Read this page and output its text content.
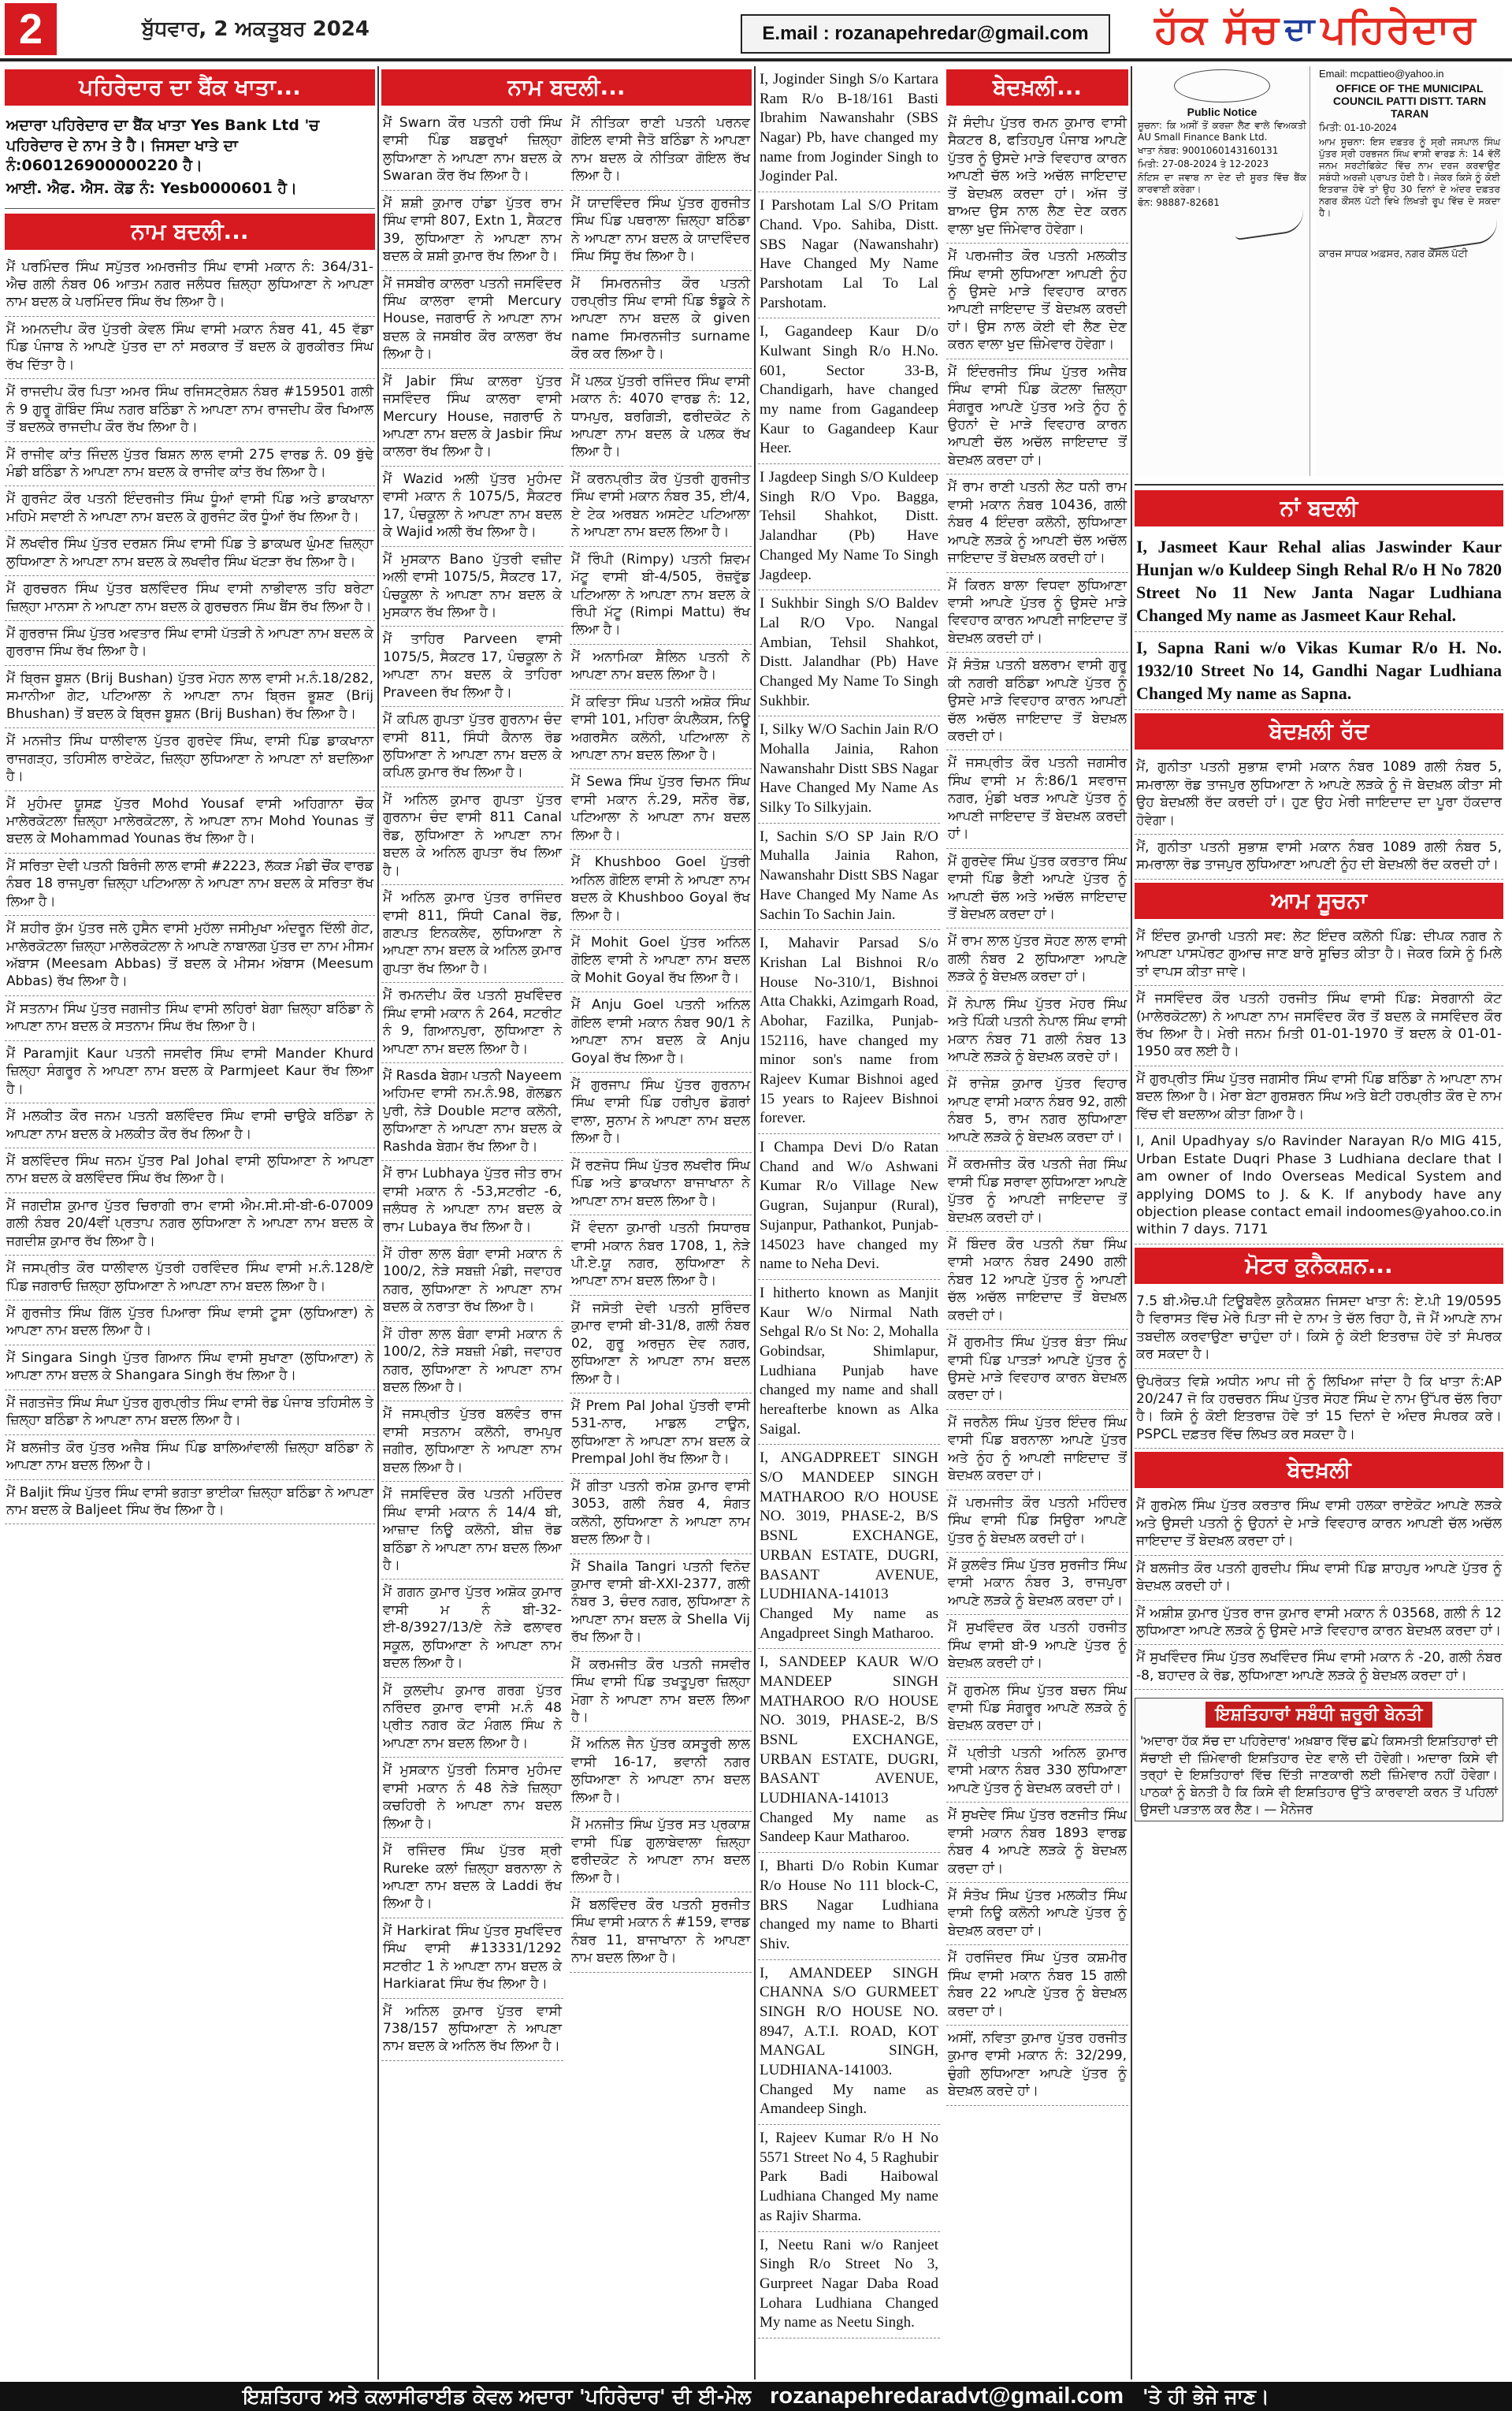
2	ਬੁੱਧਵਾਰ, 2 ਅਕਤੂਬਰ 2024	E.mail : rozanapehredar@gmail.com	ਹੱਕ ਸੱਚ ਦਾ ਪਹਿਰੇਦਾਰ
ਪਹਿਰੇਦਾਰ ਦਾ ਬੈਂਕ ਖਾਤਾ...

ਅਦਾਰਾ ਪਹਿਰੇਦਾਰ ਦਾ ਬੈਂਕ ਖਾਤਾ Yes Bank Ltd 'ਚ ਪਹਿਰੇਦਾਰ ਦੇ ਨਾਮ ਤੇ ਹੈ। ਜਿਸਦਾ ਖਾਤੇ ਦਾ ਨੰ:060126900000220 ਹੈ।

ਆਈ. ਐਫ. ਐਸ. ਕੋਡ ਨੰ: Yesb0000601 ਹੈ।

ਨਾਮ ਬਦਲੀ...
ਮੈਂ ਪਰਮਿੰਦਰ ਸਿੰਘ ਸਪੁੱਤਰ ਅਮਰਜੀਤ ਸਿੰਘ ਵਾਸੀ ਮਕਾਨ ਨੰ: 364/31- ਐਚ ਗਲੀ ਨੰਬਰ 06 ਆਤਮ ਨਗਰ ਜਲੰਧਰ ਜ਼ਿਲ੍ਹਾ ਲੁਧਿਆਣਾ ਨੇ ਆਪਣਾ ਨਾਮ ਬਦਲ ਕੇ ਪਰਮਿੰਦਰ ਸਿੰਘ ਰੱਖ ਲਿਆ ਹੈ।
ਮੈਂ ਅਮਨਦੀਪ ਕੌਰ ਪੁੱਤਰੀ ਕੇਵਲ ਸਿੰਘ ਵਾਸੀ ਮਕਾਨ ਨੰਬਰ 41, 45 ਵੱਡਾ ਪਿੰਡ ਪੰਜਾਬ ਨੇ ਆਪਣੇ ਪੁੱਤਰ ਦਾ ਨਾਂ ਸਰਕਾਰ ਤੋਂ ਬਦਲ ਕੇ ਗੁਰਕੀਰਤ ਸਿੰਘ ਰੱਖ ਦਿੱਤਾ ਹੈ।
ਮੈਂ ਰਾਜਦੀਪ ਕੌਰ ਪਿਤਾ ਅਮਰ ਸਿੰਘ ਰਜਿਸਟ੍ਰੇਸ਼ਨ ਨੰਬਰ #159501 ਗਲੀ ਨੰ 9 ਗੁਰੂ ਗੋਬਿੰਦ ਸਿੰਘ ਨਗਰ ਬਠਿੰਡਾ ਨੇ ਆਪਣਾ ਨਾਮ ਰਾਜਦੀਪ ਕੌਰ ਖਿਆਲ ਤੋਂ ਬਦਲਕੇ ਰਾਜਦੀਪ ਕੌਰ ਰੱਖ ਲਿਆ ਹੈ।
ਮੈਂ ਰਾਜੀਵ ਕਾਂਤ ਜਿੰਦਲ ਪੁੱਤਰ ਬਿਸ਼ਨ ਲਾਲ ਵਾਸੀ 275 ਵਾਰਡ ਨੰ. 09 ਬੁੱਢੇ ਮੰਡੀ ਬਠਿੰਡਾ ਨੇ ਆਪਣਾ ਨਾਮ ਬਦਲ ਕੇ ਰਾਜੀਵ ਕਾਂਤ ਰੱਖ ਲਿਆ ਹੈ।
ਮੈਂ ਗੁਰਜੰਟ ਕੌਰ ਪਤਨੀ ਇੰਦਰਜੀਤ ਸਿੰਘ ਧੂੰਆਂ ਵਾਸੀ ਪਿੰਡ ਅਤੇ ਡਾਕਖਾਨਾ ਮਹਿਮੇ ਸਵਾਈ ਨੇ ਆਪਣਾ ਨਾਮ ਬਦਲ ਕੇ ਗੁਰਜੰਟ ਕੌਰ ਧੂੰਆਂ ਰੱਖ ਲਿਆ ਹੈ।
ਮੈਂ ਲਖਵੀਰ ਸਿੰਘ ਪੁੱਤਰ ਦਰਸ਼ਨ ਸਿੰਘ ਵਾਸੀ ਪਿੰਡ ਤੇ ਡਾਕਘਰ ਘੁੰਮਣ ਜ਼ਿਲ੍ਹਾ ਲੁਧਿਆਣਾ ਨੇ ਆਪਣਾ ਨਾਮ ਬਦਲ ਕੇ ਲਖਵੀਰ ਸਿੰਘ ਖੱਟੜਾ ਰੱਖ ਲਿਆ ਹੈ।
ਮੈਂ ਗੁਰਚਰਨ ਸਿੰਘ ਪੁੱਤਰ ਬਲਵਿੰਦਰ ਸਿੰਘ ਵਾਸੀ ਨਾਭੀਵਾਲ ਤਹਿ ਬਰੇਟਾ ਜ਼ਿਲ੍ਹਾ ਮਾਨਸਾ ਨੇ ਆਪਣਾ ਨਾਮ ਬਦਲ ਕੇ ਗੁਰਚਰਨ ਸਿੰਘ ਬੈਂਸ ਰੱਖ ਲਿਆ ਹੈ।
ਮੈਂ ਗੁਰਰਾਜ ਸਿੰਘ ਪੁੱਤਰ ਅਵਤਾਰ ਸਿੰਘ ਵਾਸੀ ਪੱਤੜੀ ਨੇ ਆਪਣਾ ਨਾਮ ਬਦਲ ਕੇ ਗੁਰਰਾਜ ਸਿੰਘ ਰੱਖ ਲਿਆ ਹੈ।
ਮੈਂ ਬ੍ਰਿਜ ਬੂਸ਼ਨ (Brij Bushan) ਪੁੱਤਰ ਮੋਹਨ ਲਾਲ ਵਾਸੀ ਮ.ਨੰ.18/282, ਸਮਾਨੀਆ ਗੇਟ, ਪਟਿਆਲਾ ਨੇ ਆਪਣਾ ਨਾਮ ਬ੍ਰਿਜ ਭੂਸ਼ਣ (Brij Bhushan) ਤੋਂ ਬਦਲ ਕੇ ਬ੍ਰਿਜ ਬੂਸ਼ਨ (Brij Bushan) ਰੱਖ ਲਿਆ ਹੈ।
ਮੈਂ ਮਨਜੀਤ ਸਿੰਘ ਧਾਲੀਵਾਲ ਪੁੱਤਰ ਗੁਰਦੇਵ ਸਿੰਘ, ਵਾਸੀ ਪਿੰਡ ਡਾਕਖਾਨਾ ਰਾਜਗੜ੍ਹ, ਤਹਿਸੀਲ ਰਾਏਕੋਟ, ਜ਼ਿਲ੍ਹਾ ਲੁਧਿਆਣਾ ਨੇ ਆਪਣਾ ਨਾਂ ਬਦਲਿਆ ਹੈ।
ਮੈਂ ਮੁਹੰਮਦ ਯੂਸਫ਼ ਪੁੱਤਰ Mohd Yousaf ਵਾਸੀ ਅਹਿਗਾਨਾ ਚੌਕ ਮਾਲੇਰਕੋਟਲਾ ਜ਼ਿਲ੍ਹਾ ਮਾਲੇਰਕੋਟਲਾ, ਨੇ ਆਪਣਾ ਨਾਮ Mohd Younas ਤੋਂ ਬਦਲ ਕੇ Mohammad Younas ਰੱਖ ਲਿਆ ਹੈ।
ਮੈਂ ਸਰਿਤਾ ਦੇਵੀ ਪਤਨੀ ਬਿਰੰਜੀ ਲਾਲ ਵਾਸੀ #2223, ਲੱਕੜ ਮੰਡੀ ਚੌਂਕ ਵਾਰਡ ਨੰਬਰ 18 ਰਾਜਪੁਰਾ ਜ਼ਿਲ੍ਹਾ ਪਟਿਆਲਾ ਨੇ ਆਪਣਾ ਨਾਮ ਬਦਲ ਕੇ ਸਰਿਤਾ ਰੱਖ ਲਿਆ ਹੈ।
ਮੈਂ ਸ਼ਹੀਰ ਕੁੱਮ ਪੁੱਤਰ ਜਲੇ ਹੁਸੈਨ ਵਾਸੀ ਮੁਹੱਲਾ ਜਸੀਮੁਖਾ ਅੰਦਰੂਨ ਦਿੱਲੀ ਗੇਟ, ਮਾਲੇਰਕੋਟਲਾ ਜ਼ਿਲ੍ਹਾ ਮਾਲੇਰਕੋਟਲਾ ਨੇ ਆਪਣੇ ਨਾਬਾਲਗ ਪੁੱਤਰ ਦਾ ਨਾਮ ਮੀਸਮ ਅੱਬਾਸ (Meesam Abbas) ਤੋਂ ਬਦਲ ਕੇ ਮੀਸਮ ਅੱਬਾਸ (Meesum Abbas) ਰੱਖ ਲਿਆ ਹੈ।
ਮੈਂ ਸਤਨਾਮ ਸਿੰਘ ਪੁੱਤਰ ਜਗਜੀਤ ਸਿੰਘ ਵਾਸੀ ਲਹਿਰਾਂ ਬੇਗਾ ਜ਼ਿਲ੍ਹਾ ਬਠਿੰਡਾ ਨੇ ਆਪਣਾ ਨਾਮ ਬਦਲ ਕੇ ਸਤਨਾਮ ਸਿੰਘ ਰੱਖ ਲਿਆ ਹੈ।
ਮੈਂ Paramjit Kaur ਪਤਨੀ ਜਸਵੀਰ ਸਿੰਘ ਵਾਸੀ Mander Khurd ਜ਼ਿਲ੍ਹਾ ਸੰਗਰੂਰ ਨੇ ਆਪਣਾ ਨਾਮ ਬਦਲ ਕੇ Parmjeet Kaur ਰੱਖ ਲਿਆ ਹੈ।
ਮੈਂ ਮਲਕੀਤ ਕੌਰ ਜਨਮ ਪਤਨੀ ਬਲਵਿੰਦਰ ਸਿੰਘ ਵਾਸੀ ਚਾਉਕੇ ਬਠਿੰਡਾ ਨੇ ਆਪਣਾ ਨਾਮ ਬਦਲ ਕੇ ਮਲਕੀਤ ਕੌਰ ਰੱਖ ਲਿਆ ਹੈ।
ਮੈਂ ਬਲਵਿੰਦਰ ਸਿੰਘ ਜਨਮ ਪੁੱਤਰ Pal Johal ਵਾਸੀ ਲੁਧਿਆਣਾ ਨੇ ਆਪਣਾ ਨਾਮ ਬਦਲ ਕੇ ਬਲਵਿੰਦਰ ਸਿੰਘ ਰੱਖ ਲਿਆ ਹੈ।
ਮੈਂ ਜਗਦੀਸ਼ ਕੁਮਾਰ ਪੁੱਤਰ ਚਿਰਾਗੀ ਰਾਮ ਵਾਸੀ ਐਮ.ਸੀ.ਸੀ-ਬੀ-6-07009 ਗਲੀ ਨੰਬਰ 20/4ਵੀਂ ਪ੍ਰਤਾਪ ਨਗਰ ਲੁਧਿਆਣਾ ਨੇ ਆਪਣਾ ਨਾਮ ਬਦਲ ਕੇ ਜਗਦੀਸ਼ ਕੁਮਾਰ ਰੱਖ ਲਿਆ ਹੈ।
ਮੈਂ ਜਸਪ੍ਰੀਤ ਕੌਰ ਧਾਲੀਵਾਲ ਪੁੱਤਰੀ ਹਰਵਿੰਦਰ ਸਿੰਘ ਵਾਸੀ ਮ.ਨੰ.128/ਏ ਪਿੰਡ ਜਗਰਾਓ ਜ਼ਿਲ੍ਹਾ ਲੁਧਿਆਣਾ ਨੇ ਆਪਣਾ ਨਾਮ ਬਦਲ ਲਿਆ ਹੈ।
ਮੈਂ ਗੁਰਜੀਤ ਸਿੰਘ ਗਿੱਲ ਪੁੱਤਰ ਪਿਆਰਾ ਸਿੰਘ ਵਾਸੀ ਟੂਸਾ (ਲੁਧਿਆਣਾ) ਨੇ ਆਪਣਾ ਨਾਮ ਬਦਲ ਲਿਆ ਹੈ।
ਮੈਂ Singara Singh ਪੁੱਤਰ ਗਿਆਨ ਸਿੰਘ ਵਾਸੀ ਸੁਖਾਣਾ (ਲੁਧਿਆਣਾ) ਨੇ ਆਪਣਾ ਨਾਮ ਬਦਲ ਕੇ Shangara Singh ਰੱਖ ਲਿਆ ਹੈ।
ਮੈਂ ਜਗਤਜੋਤ ਸਿੰਘ ਸੰਘਾ ਪੁੱਤਰ ਗੁਰਪ੍ਰੀਤ ਸਿੰਘ ਵਾਸੀ ਰੋਡ ਪੰਜਾਬ ਤਹਿਸੀਲ ਤੇ ਜ਼ਿਲ੍ਹਾ ਬਠਿੰਡਾ ਨੇ ਆਪਣਾ ਨਾਮ ਬਦਲ ਲਿਆ ਹੈ।
ਮੈਂ ਬਲਜੀਤ ਕੌਰ ਪੁੱਤਰ ਅਜੈਬ ਸਿੰਘ ਪਿੰਡ ਬਾਲਿਆਂਵਾਲੀ ਜ਼ਿਲ੍ਹਾ ਬਠਿੰਡਾ ਨੇ ਆਪਣਾ ਨਾਮ ਬਦਲ ਲਿਆ ਹੈ।
ਮੈਂ Baljit ਸਿੰਘ ਪੁੱਤਰ ਸਿੰਘ ਵਾਸੀ ਭਗਤਾ ਭਾਈਕਾ ਜ਼ਿਲ੍ਹਾ ਬਠਿੰਡਾ ਨੇ ਆਪਣਾ ਨਾਮ ਬਦਲ ਕੇ Baljeet ਸਿੰਘ ਰੱਖ ਲਿਆ ਹੈ।
ਨਾਮ ਬਦਲੀ...
ਮੈਂ Swarn ਕੌਰ ਪਤਨੀ ਹਰੀ ਸਿੰਘ ਵਾਸੀ ਪਿੰਡ ਬਡਰੁਖਾਂ ਜ਼ਿਲ੍ਹਾ ਲੁਧਿਆਣਾ ਨੇ ਆਪਣਾ ਨਾਮ ਬਦਲ ਕੇ Swaran ਕੌਰ ਰੱਖ ਲਿਆ ਹੈ।
ਮੈਂ ਸ਼ਸ਼ੀ ਕੁਮਾਰ ਹਾਂਡਾ ਪੁੱਤਰ ਰਾਮ ਸਿੰਘ ਵਾਸੀ 807, Extn 1, ਸੈਕਟਰ 39, ਲੁਧਿਆਣਾ ਨੇ ਆਪਣਾ ਨਾਮ ਬਦਲ ਕੇ ਸ਼ਸ਼ੀ ਕੁਮਾਰ ਰੱਖ ਲਿਆ ਹੈ।
ਮੈਂ ਜਸਬੀਰ ਕਾਲਰਾ ਪਤਨੀ ਜਸਵਿੰਦਰ ਸਿੰਘ ਕਾਲਰਾ ਵਾਸੀ Mercury House, ਜਗਰਾਓ ਨੇ ਆਪਣਾ ਨਾਮ ਬਦਲ ਕੇ ਜਸਬੀਰ ਕੌਰ ਕਾਲਰਾ ਰੱਖ ਲਿਆ ਹੈ।
ਮੈਂ Jabir ਸਿੰਘ ਕਾਲਰਾ ਪੁੱਤਰ ਜਸਵਿੰਦਰ ਸਿੰਘ ਕਾਲਰਾ ਵਾਸੀ Mercury House, ਜਗਰਾਓ ਨੇ ਆਪਣਾ ਨਾਮ ਬਦਲ ਕੇ Jasbir ਸਿੰਘ ਕਾਲਰਾ ਰੱਖ ਲਿਆ ਹੈ।
ਮੈਂ Wazid ਅਲੀ ਪੁੱਤਰ ਮੁਹੰਮਦ ਵਾਸੀ ਮਕਾਨ ਨੰ 1075/5, ਸੈਕਟਰ 17, ਪੰਚਕੂਲਾ ਨੇ ਆਪਣਾ ਨਾਮ ਬਦਲ ਕੇ Wajid ਅਲੀ ਰੱਖ ਲਿਆ ਹੈ।
ਮੈਂ ਮੁਸਕਾਨ Bano ਪੁੱਤਰੀ ਵਜ਼ੀਦ ਅਲੀ ਵਾਸੀ 1075/5, ਸੈਕਟਰ 17, ਪੰਚਕੂਲਾ ਨੇ ਆਪਣਾ ਨਾਮ ਬਦਲ ਕੇ ਮੁਸਕਾਨ ਰੱਖ ਲਿਆ ਹੈ।
ਮੈਂ ਤਾਹਿਰ Parveen ਵਾਸੀ 1075/5, ਸੈਕਟਰ 17, ਪੰਚਕੂਲਾ ਨੇ ਆਪਣਾ ਨਾਮ ਬਦਲ ਕੇ ਤਾਹਿਰਾ Praveen ਰੱਖ ਲਿਆ ਹੈ।
ਮੈਂ ਕਪਿਲ ਗੁਪਤਾ ਪੁੱਤਰ ਗੁਰਨਾਮ ਚੰਦ ਵਾਸੀ 811, ਸਿੰਧੀ ਕੈਨਾਲ ਰੋਡ ਲੁਧਿਆਣਾ ਨੇ ਆਪਣਾ ਨਾਮ ਬਦਲ ਕੇ ਕਪਿਲ ਕੁਮਾਰ ਰੱਖ ਲਿਆ ਹੈ।
ਮੈਂ ਅਨਿਲ ਕੁਮਾਰ ਗੁਪਤਾ ਪੁੱਤਰ ਗੁਰਨਾਮ ਚੰਦ ਵਾਸੀ 811 Canal ਰੋਡ, ਲੁਧਿਆਣਾ ਨੇ ਆਪਣਾ ਨਾਮ ਬਦਲ ਕੇ ਅਨਿਲ ਗੁਪਤਾ ਰੱਖ ਲਿਆ ਹੈ।
ਮੈਂ ਅਨਿਲ ਕੁਮਾਰ ਪੁੱਤਰ ਰਾਜਿੰਦਰ ਵਾਸੀ 811, ਸਿੰਧੀ Canal ਰੋਡ, ਗਣਪਤ ਇਨਕਲੇਵ, ਲੁਧਿਆਣਾ ਨੇ ਆਪਣਾ ਨਾਮ ਬਦਲ ਕੇ ਅਨਿਲ ਕੁਮਾਰ ਗੁਪਤਾ ਰੱਖ ਲਿਆ ਹੈ।
ਮੈਂ ਰਮਨਦੀਪ ਕੌਰ ਪਤਨੀ ਸੁਖਵਿੰਦਰ ਸਿੰਘ ਵਾਸੀ ਮਕਾਨ ਨੰ 264, ਸਟਰੀਟ ਨੰ 9, ਗਿਆਨਪੁਰਾ, ਲੁਧਿਆਣਾ ਨੇ ਆਪਣਾ ਨਾਮ ਬਦਲ ਲਿਆ ਹੈ।
ਮੈਂ Rasda ਬੇਗਮ ਪਤਨੀ Nayeem ਅਹਿਮਦ ਵਾਸੀ ਨਮ.ਨੰ.98, ਗੋਲਡਨ ਪੁਰੀ, ਨੇੜੇ Double ਸਟਾਰ ਕਲੋਨੀ, ਲੁਧਿਆਣਾ ਨੇ ਆਪਣਾ ਨਾਮ ਬਦਲ ਕੇ Rashda ਬੇਗਮ ਰੱਖ ਲਿਆ ਹੈ।
ਮੈਂ ਰਾਮ Lubhaya ਪੁੱਤਰ ਜੀਤ ਰਾਮ ਵਾਸੀ ਮਕਾਨ ਨੰ -53,ਸਟਰੀਟ -6, ਜਲੰਧਰ ਨੇ ਆਪਣਾ ਨਾਮ ਬਦਲ ਕੇ ਰਾਮ Lubaya ਰੱਖ ਲਿਆ ਹੈ।
ਮੈਂ ਹੀਰਾ ਲਾਲ ਬੰਗਾ ਵਾਸੀ ਮਕਾਨ ਨੰ 100/2, ਨੇੜੇ ਸਬਜ਼ੀ ਮੰਡੀ, ਜਵਾਹਰ ਨਗਰ, ਲੁਧਿਆਣਾ ਨੇ ਆਪਣਾ ਨਾਮ ਬਦਲ ਕੇ ਨਰਾਤਾ ਰੱਖ ਲਿਆ ਹੈ।
ਮੈਂ ਹੀਰਾ ਲਾਲ ਬੰਗਾ ਵਾਸੀ ਮਕਾਨ ਨੰ 100/2, ਨੇੜੇ ਸਬਜ਼ੀ ਮੰਡੀ, ਜਵਾਹਰ ਨਗਰ, ਲੁਧਿਆਣਾ ਨੇ ਆਪਣਾ ਨਾਮ ਬਦਲ ਲਿਆ ਹੈ।
ਮੈਂ ਜਸਪ੍ਰੀਤ ਪੁੱਤਰ ਬਲਵੰਤ ਰਾਜ ਵਾਸੀ ਸਤਨਾਮ ਕਲੋਨੀ, ਰਾਮਪੁਰ ਜਗੀਰ, ਲੁਧਿਆਣਾ ਨੇ ਆਪਣਾ ਨਾਮ ਬਦਲ ਲਿਆ ਹੈ।
ਮੈਂ ਜਸਵਿੰਦਰ ਕੌਰ ਪਤਨੀ ਮਹਿੰਦਰ ਸਿੰਘ ਵਾਸੀ ਮਕਾਨ ਨੰ 14/4 ਬੀ, ਆਜ਼ਾਦ ਨਿਊ ਕਲੋਨੀ, ਬੀਜ਼ ਰੋਡ ਬਠਿੰਡਾ ਨੇ ਆਪਣਾ ਨਾਮ ਬਦਲ ਲਿਆ ਹੈ।
ਮੈਂ ਗਗਨ ਕੁਮਾਰ ਪੁੱਤਰ ਅਸ਼ੋਕ ਕੁਮਾਰ ਵਾਸੀ ਮ ਨੰ ਬੀ-32-ਈ-8/3927/13/ਏ ਨੇੜੇ ਫਲਾਵਰ ਸਕੂਲ, ਲੁਧਿਆਣਾ ਨੇ ਆਪਣਾ ਨਾਮ ਬਦਲ ਲਿਆ ਹੈ।
ਮੈਂ ਕੁਲਦੀਪ ਕੁਮਾਰ ਗਰਗ ਪੁੱਤਰ ਨਰਿੰਦਰ ਕੁਮਾਰ ਵਾਸੀ ਮ.ਨੰ 48 ਪ੍ਰੀਤ ਨਗਰ ਕੋਟ ਮੰਗਲ ਸਿੰਘ ਨੇ ਆਪਣਾ ਨਾਮ ਬਦਲ ਲਿਆ ਹੈ।
ਮੈਂ ਮੁਸਕਾਨ ਪੁੱਤਰੀ ਨਿਸਾਰ ਮੁਹੰਮਦ ਵਾਸੀ ਮਕਾਨ ਨੰ 48 ਨੇੜੇ ਜ਼ਿਲ੍ਹਾ ਕਚਹਿਰੀ ਨੇ ਆਪਣਾ ਨਾਮ ਬਦਲ ਲਿਆ ਹੈ।
ਮੈਂ ਰਜਿੰਦਰ ਸਿੰਘ ਪੁੱਤਰ ਸ਼੍ਰੀ Rureke ਕਲਾਂ ਜ਼ਿਲ੍ਹਾ ਬਰਨਾਲਾ ਨੇ ਆਪਣਾ ਨਾਮ ਬਦਲ ਕੇ Laddi ਰੱਖ ਲਿਆ ਹੈ।
ਮੈਂ Harkirat ਸਿੰਘ ਪੁੱਤਰ ਸੁਖਵਿੰਦਰ ਸਿੰਘ ਵਾਸੀ #13331/1292 ਸਟਰੀਟ 1 ਨੇ ਆਪਣਾ ਨਾਮ ਬਦਲ ਕੇ Harkiarat ਸਿੰਘ ਰੱਖ ਲਿਆ ਹੈ।
ਮੈਂ ਅਨਿਲ ਕੁਮਾਰ ਪੁੱਤਰ ਵਾਸੀ 738/157 ਲੁਧਿਆਣਾ ਨੇ ਆਪਣਾ ਨਾਮ ਬਦਲ ਕੇ ਅਨਿਲ ਰੱਖ ਲਿਆ ਹੈ।
ਮੈਂ ਨੀਤਿਕਾ ਰਾਣੀ ਪਤਨੀ ਪਰਨਵ ਗੋਇਲ ਵਾਸੀ ਜੈਤੋ ਬਠਿੰਡਾ ਨੇ ਆਪਣਾ ਨਾਮ ਬਦਲ ਕੇ ਨੀਤਿਕਾ ਗੋਇਲ ਰੱਖ ਲਿਆ ਹੈ।
ਮੈਂ ਯਾਦਵਿੰਦਰ ਸਿੰਘ ਪੁੱਤਰ ਗੁਰਜੀਤ ਸਿੰਘ ਪਿੰਡ ਪਥਰਾਲਾ ਜ਼ਿਲ੍ਹਾ ਬਠਿੰਡਾ ਨੇ ਆਪਣਾ ਨਾਮ ਬਦਲ ਕੇ ਯਾਦਵਿੰਦਰ ਸਿੰਘ ਸਿੱਧੂ ਰੱਖ ਲਿਆ ਹੈ।
ਮੈਂ ਸਿਮਰਨਜੀਤ ਕੌਰ ਪਤਨੀ ਹਰਪ੍ਰੀਤ ਸਿੰਘ ਵਾਸੀ ਪਿੰਡ ਝੰਡੂਕੇ ਨੇ ਆਪਣਾ ਨਾਮ ਬਦਲ ਕੇ given name ਸਿਮਰਨਜੀਤ surname ਕੌਰ ਕਰ ਲਿਆ ਹੈ।
ਮੈਂ ਪਲਕ ਪੁੱਤਰੀ ਰਜਿੰਦਰ ਸਿੰਘ ਵਾਸੀ ਮਕਾਨ ਨੰ: 4070 ਵਾਰਡ ਨੰ: 12, ਧਾਮਪੁਰ, ਬਰਗਿੜੀ, ਫਰੀਦਕੋਟ ਨੇ ਆਪਣਾ ਨਾਮ ਬਦਲ ਕੇ ਪਲਕ ਰੱਖ ਲਿਆ ਹੈ।
ਮੈਂ ਕਰਨਪ੍ਰੀਤ ਕੌਰ ਪੁੱਤਰੀ ਗੁਰਜੀਤ ਸਿੰਘ ਵਾਸੀ ਮਕਾਨ ਨੰਬਰ 35, ਈ/4, ਏ ਟੇਕ ਅਰਬਨ ਅਸਟੇਟ ਪਟਿਆਲਾ ਨੇ ਆਪਣਾ ਨਾਮ ਬਦਲ ਲਿਆ ਹੈ।
ਮੈਂ ਰਿੰਪੀ (Rimpy) ਪਤਨੀ ਸ਼ਿਵਮ ਮੱਟੂ ਵਾਸੀ ਬੀ-4/505, ਰੋਜ਼ਵੁੱਡ ਪਟਿਆਲਾ ਨੇ ਆਪਣਾ ਨਾਮ ਬਦਲ ਕੇ ਰਿੰਪੀ ਮੱਟੂ (Rimpi Mattu) ਰੱਖ ਲਿਆ ਹੈ।
ਮੈਂ ਅਨਾਮਿਕਾ ਸ਼ੈਲਿਨ ਪਤਨੀ ਨੇ ਆਪਣਾ ਨਾਮ ਬਦਲ ਲਿਆ ਹੈ।
ਮੈਂ ਕਵਿਤਾ ਸਿੰਘ ਪਤਨੀ ਅਸ਼ੋਕ ਸਿੰਘ ਵਾਸੀ 101, ਮਹਿਰਾ ਕੰਪਲੈਕਸ, ਨਿਊ ਅਗਰਸੈਨ ਕਲੋਨੀ, ਪਟਿਆਲਾ ਨੇ ਆਪਣਾ ਨਾਮ ਬਦਲ ਲਿਆ ਹੈ।
ਮੈਂ Sewa ਸਿੰਘ ਪੁੱਤਰ ਚਿਮਨ ਸਿੰਘ ਵਾਸੀ ਮਕਾਨ ਨੰ.29, ਸਨੌਰ ਰੋਡ, ਪਟਿਆਲਾ ਨੇ ਆਪਣਾ ਨਾਮ ਬਦਲ ਲਿਆ ਹੈ।
ਮੈਂ Khushboo Goel ਪੁੱਤਰੀ ਅਨਿਲ ਗੋਇਲ ਵਾਸੀ ਨੇ ਆਪਣਾ ਨਾਮ ਬਦਲ ਕੇ Khushboo Goyal ਰੱਖ ਲਿਆ ਹੈ।
ਮੈਂ Mohit Goel ਪੁੱਤਰ ਅਨਿਲ ਗੋਇਲ ਵਾਸੀ ਨੇ ਆਪਣਾ ਨਾਮ ਬਦਲ ਕੇ Mohit Goyal ਰੱਖ ਲਿਆ ਹੈ।
ਮੈਂ Anju Goel ਪਤਨੀ ਅਨਿਲ ਗੋਇਲ ਵਾਸੀ ਮਕਾਨ ਨੰਬਰ 90/1 ਨੇ ਆਪਣਾ ਨਾਮ ਬਦਲ ਕੇ Anju Goyal ਰੱਖ ਲਿਆ ਹੈ।
ਮੈਂ ਗੁਰਜਾਪ ਸਿੰਘ ਪੁੱਤਰ ਗੁਰਨਾਮ ਸਿੰਘ ਵਾਸੀ ਪਿੰਡ ਹਰੀਪੁਰ ਡੋਗਰਾਂ ਵਾਲਾ, ਸੁਨਾਮ ਨੇ ਆਪਣਾ ਨਾਮ ਬਦਲ ਲਿਆ ਹੈ।
ਮੈਂ ਰਣਜੋਧ ਸਿੰਘ ਪੁੱਤਰ ਲਖਵੀਰ ਸਿੰਘ ਪਿੰਡ ਅਤੇ ਡਾਕਖਾਨਾ ਬਾਜਾਖਾਨਾ ਨੇ ਆਪਣਾ ਨਾਮ ਬਦਲ ਲਿਆ ਹੈ।
ਮੈਂ ਵੰਦਨਾ ਕੁਮਾਰੀ ਪਤਨੀ ਸਿਧਾਰਥ ਵਾਸੀ ਮਕਾਨ ਨੰਬਰ 1708, 1, ਨੇੜੇ ਪੀ.ਏ.ਯੂ ਨਗਰ, ਲੁਧਿਆਣਾ ਨੇ ਆਪਣਾ ਨਾਮ ਬਦਲ ਲਿਆ ਹੈ।
ਮੈਂ ਜਸੋਤੀ ਦੇਵੀ ਪਤਨੀ ਸੁਰਿੰਦਰ ਕੁਮਾਰ ਵਾਸੀ ਬੀ-31/8, ਗਲੀ ਨੰਬਰ 02, ਗੁਰੂ ਅਰਜੁਨ ਦੇਵ ਨਗਰ, ਲੁਧਿਆਣਾ ਨੇ ਆਪਣਾ ਨਾਮ ਬਦਲ ਲਿਆ ਹੈ।
ਮੈਂ Prem Pal Johal ਪੁੱਤਰੀ ਵਾਸੀ 531-ਨਾਰ, ਮਾਡਲ ਟਾਊਨ, ਲੁਧਿਆਣਾ ਨੇ ਆਪਣਾ ਨਾਮ ਬਦਲ ਕੇ Prempal Johl ਰੱਖ ਲਿਆ ਹੈ।
ਮੈਂ ਗੀਤਾ ਪਤਨੀ ਰਮੇਸ਼ ਕੁਮਾਰ ਵਾਸੀ 3053, ਗਲੀ ਨੰਬਰ 4, ਸੰਗਤ ਕਲੋਨੀ, ਲੁਧਿਆਣਾ ਨੇ ਆਪਣਾ ਨਾਮ ਬਦਲ ਲਿਆ ਹੈ।
ਮੈਂ Shaila Tangri ਪਤਨੀ ਵਿਨੋਦ ਕੁਮਾਰ ਵਾਸੀ ਬੀ-XXI-2377, ਗਲੀ ਨੰਬਰ 3, ਚੰਦਰ ਨਗਰ, ਲੁਧਿਆਣਾ ਨੇ ਆਪਣਾ ਨਾਮ ਬਦਲ ਕੇ Shella Vij ਰੱਖ ਲਿਆ ਹੈ।
ਮੈਂ ਕਰਮਜੀਤ ਕੌਰ ਪਤਨੀ ਜਸਵੀਰ ਸਿੰਘ ਵਾਸੀ ਪਿੰਡ ਤਖਤੂਪੁਰਾ ਜ਼ਿਲ੍ਹਾ ਮੋਗਾ ਨੇ ਆਪਣਾ ਨਾਮ ਬਦਲ ਲਿਆ ਹੈ।
ਮੈਂ ਅਨਿਲ ਜੈਨ ਪੁੱਤਰ ਕਸਤੂਰੀ ਲਾਲ ਵਾਸੀ 16-17, ਭਵਾਨੀ ਨਗਰ ਲੁਧਿਆਣਾ ਨੇ ਆਪਣਾ ਨਾਮ ਬਦਲ ਲਿਆ ਹੈ।
ਮੈਂ ਮਨਜੀਤ ਸਿੰਘ ਪੁੱਤਰ ਸਤ ਪ੍ਰਕਾਸ਼ ਵਾਸੀ ਪਿੰਡ ਗੁਲਾਬੇਵਾਲਾ ਜ਼ਿਲ੍ਹਾ ਫਰੀਦਕੋਟ ਨੇ ਆਪਣਾ ਨਾਮ ਬਦਲ ਲਿਆ ਹੈ।
ਮੈਂ ਬਲਵਿੰਦਰ ਕੌਰ ਪਤਨੀ ਸੁਰਜੀਤ ਸਿੰਘ ਵਾਸੀ ਮਕਾਨ ਨੰ #159, ਵਾਰਡ ਨੰਬਰ 11, ਬਾਜਾਖਾਨਾ ਨੇ ਆਪਣਾ ਨਾਮ ਬਦਲ ਲਿਆ ਹੈ।
I, Joginder Singh S/o Kartara Ram R/o B-18/161 Basti Ibrahim Nawanshahr (SBS Nagar) Pb, have changed my name from Joginder Singh to Joginder Pal.
I Parshotam Lal S/O Pritam Chand. Vpo. Sahiba, Distt. SBS Nagar (Nawanshahr) Have Changed My Name Parshotam Lal To Lal Parshotam.
I, Gagandeep Kaur D/o Kulwant Singh R/o H.No. 601, Sector 33-B, Chandigarh, have changed my name from Gagandeep Kaur to Gagandeep Kaur Heer.
I Jagdeep Singh S/O Kuldeep Singh R/O Vpo. Bagga, Tehsil Shahkot, Distt. Jalandhar (Pb) Have Changed My Name To Singh Jagdeep.
I Sukhbir Singh S/O Baldev Lal R/O Vpo. Nangal Ambian, Tehsil Shahkot, Distt. Jalandhar (Pb) Have Changed My Name To Singh Sukhbir.
I, Silky W/O Sachin Jain R/O Mohalla Jainia, Rahon Nawanshahr Distt SBS Nagar Have Changed My Name As Silky To Silkyjain.
I, Sachin S/O SP Jain R/O Muhalla Jainia Rahon, Nawanshahr Distt SBS Nagar Have Changed My Name As Sachin To Sachin Jain.
I, Mahavir Parsad S/o Krishan Lal Bishnoi R/o House No-310/1, Bishnoi Atta Chakki, Azimgarh Road, Abohar, Fazilka, Punjab-152116, have changed my minor son's name from Rajeev Kumar Bishnoi aged 15 years to Rajeev Bishnoi forever.
I Champa Devi D/o Ratan Chand and W/o Ashwani Kumar R/o Village New Gugran, Sujanpur (Rural), Sujanpur, Pathankot, Punjab-145023 have changed my name to Neha Devi.
I hitherto known as Manjit Kaur W/o Nirmal Nath Sehgal R/o St No: 2, Mohalla Gobindsar, Shimlapur, Ludhiana Punjab have changed my name and shall hereafterbe known as Alka Saigal.
I, ANGADPREET SINGH S/O MANDEEP SINGH MATHAROO R/O HOUSE NO. 3019, PHASE-2, B/S BSNL EXCHANGE, URBAN ESTATE, DUGRI, BASANT AVENUE, LUDHIANA-141013 Changed My name as Angadpreet Singh Matharoo.
I, SANDEEP KAUR W/O MANDEEP SINGH MATHAROO R/O HOUSE NO. 3019, PHASE-2, B/S BSNL EXCHANGE, URBAN ESTATE, DUGRI, BASANT AVENUE, LUDHIANA-141013 Changed My name as Sandeep Kaur Matharoo.
I, Bharti D/o Robin Kumar R/o House No 111 block-C, BRS Nagar Ludhiana changed my name to Bharti Shiv.
I, AMANDEEP SINGH CHANNA S/O GURMEET SINGH R/O HOUSE NO. 8947, A.T.I. ROAD, KOT MANGAL SINGH, LUDHIANA-141003. Changed My name as Amandeep Singh.
I, Rajeev Kumar R/o H No 5571 Street No 4, 5 Raghubir Park Badi Haibowal Ludhiana Changed My name as Rajiv Sharma.
I, Neetu Rani w/o Ranjeet Singh R/o Street No 3, Gurpreet Nagar Daba Road Lohara Ludhiana Changed My name as Neetu Singh.
ਬੇਦਖ਼ਲੀ...
ਮੈਂ ਸੰਦੀਪ ਪੁੱਤਰ ਰਮਨ ਕੁਮਾਰ ਵਾਸੀ ਸੈਕਟਰ 8, ਫਤਿਹਪੁਰ ਪੰਜਾਬ ਆਪਣੇ ਪੁੱਤਰ ਨੂੰ ਉਸਦੇ ਮਾੜੇ ਵਿਵਹਾਰ ਕਾਰਨ ਆਪਣੀ ਚੱਲ ਅਤੇ ਅਚੱਲ ਜਾਇਦਾਦ ਤੋਂ ਬੇਦਖ਼ਲ ਕਰਦਾ ਹਾਂ। ਅੱਜ ਤੋਂ ਬਾਅਦ ਉਸ ਨਾਲ ਲੈਣ ਦੇਣ ਕਰਨ ਵਾਲਾ ਖੁਦ ਜਿੰਮੇਵਾਰ ਹੋਵੇਗਾ।
ਮੈਂ ਪਰਮਜੀਤ ਕੌਰ ਪਤਨੀ ਮਲਕੀਤ ਸਿੰਘ ਵਾਸੀ ਲੁਧਿਆਣਾ ਆਪਣੀ ਨੂੰਹ ਨੂੰ ਉਸਦੇ ਮਾੜੇ ਵਿਵਹਾਰ ਕਾਰਨ ਆਪਣੀ ਜਾਇਦਾਦ ਤੋਂ ਬੇਦਖ਼ਲ ਕਰਦੀ ਹਾਂ। ਉਸ ਨਾਲ ਕੋਈ ਵੀ ਲੈਣ ਦੇਣ ਕਰਨ ਵਾਲਾ ਖੁਦ ਜ਼ਿੰਮੇਵਾਰ ਹੋਵੇਗਾ।
ਮੈਂ ਇੰਦਰਜੀਤ ਸਿੰਘ ਪੁੱਤਰ ਅਜੈਬ ਸਿੰਘ ਵਾਸੀ ਪਿੰਡ ਕੋਟਲਾ ਜ਼ਿਲ੍ਹਾ ਸੰਗਰੂਰ ਆਪਣੇ ਪੁੱਤਰ ਅਤੇ ਨੂੰਹ ਨੂੰ ਉਹਨਾਂ ਦੇ ਮਾੜੇ ਵਿਵਹਾਰ ਕਾਰਨ ਆਪਣੀ ਚੱਲ ਅਚੱਲ ਜਾਇਦਾਦ ਤੋਂ ਬੇਦਖ਼ਲ ਕਰਦਾ ਹਾਂ।
ਮੈਂ ਰਾਮ ਰਾਣੀ ਪਤਨੀ ਲੇਟ ਧਨੀ ਰਾਮ ਵਾਸੀ ਮਕਾਨ ਨੰਬਰ 10436, ਗਲੀ ਨੰਬਰ 4 ਇੰਦਰਾ ਕਲੋਨੀ, ਲੁਧਿਆਣਾ ਆਪਣੇ ਲੜਕੇ ਨੂੰ ਆਪਣੀ ਚੱਲ ਅਚੱਲ ਜਾਇਦਾਦ ਤੋਂ ਬੇਦਖ਼ਲ ਕਰਦੀ ਹਾਂ।
ਮੈਂ ਕਿਰਨ ਬਾਲਾ ਵਿਧਵਾ ਲੁਧਿਆਣਾ ਵਾਸੀ ਆਪਣੇ ਪੁੱਤਰ ਨੂੰ ਉਸਦੇ ਮਾੜੇ ਵਿਵਹਾਰ ਕਾਰਨ ਆਪਣੀ ਜਾਇਦਾਦ ਤੋਂ ਬੇਦਖ਼ਲ ਕਰਦੀ ਹਾਂ।
ਮੈਂ ਸੰਤੋਸ਼ ਪਤਨੀ ਬਲਰਾਮ ਵਾਸੀ ਗੁਰੂ ਕੀ ਨਗਰੀ ਬਠਿੰਡਾ ਆਪਣੇ ਪੁੱਤਰ ਨੂੰ ਉਸਦੇ ਮਾੜੇ ਵਿਵਹਾਰ ਕਾਰਨ ਆਪਣੀ ਚੱਲ ਅਚੱਲ ਜਾਇਦਾਦ ਤੋਂ ਬੇਦਖ਼ਲ ਕਰਦੀ ਹਾਂ।
ਮੈਂ ਜਸਪ੍ਰੀਤ ਕੌਰ ਪਤਨੀ ਜਗਸੀਰ ਸਿੰਘ ਵਾਸੀ ਮ ਨੰ:86/1 ਸਵਰਾਜ ਨਗਰ, ਮੁੰਡੀ ਖਰੜ ਆਪਣੇ ਪੁੱਤਰ ਨੂੰ ਆਪਣੀ ਜਾਇਦਾਦ ਤੋਂ ਬੇਦਖ਼ਲ ਕਰਦੀ ਹਾਂ।
ਮੈਂ ਗੁਰਦੇਵ ਸਿੰਘ ਪੁੱਤਰ ਕਰਤਾਰ ਸਿੰਘ ਵਾਸੀ ਪਿੰਡ ਭੈਣੀ ਆਪਣੇ ਪੁੱਤਰ ਨੂੰ ਆਪਣੀ ਚੱਲ ਅਤੇ ਅਚੱਲ ਜਾਇਦਾਦ ਤੋਂ ਬੇਦਖ਼ਲ ਕਰਦਾ ਹਾਂ।
ਮੈਂ ਰਾਮ ਲਾਲ ਪੁੱਤਰ ਸੋਹਣ ਲਾਲ ਵਾਸੀ ਗਲੀ ਨੰਬਰ 2 ਲੁਧਿਆਣਾ ਆਪਣੇ ਲੜਕੇ ਨੂੰ ਬੇਦਖ਼ਲ ਕਰਦਾ ਹਾਂ।
ਮੈਂ ਨੇਪਾਲ ਸਿੰਘ ਪੁੱਤਰ ਮੋਹਰ ਸਿੰਘ ਅਤੇ ਪਿੰਕੀ ਪਤਨੀ ਨੇਪਾਲ ਸਿੰਘ ਵਾਸੀ ਮਕਾਨ ਨੰਬਰ 71 ਗਲੀ ਨੰਬਰ 13 ਆਪਣੇ ਲੜਕੇ ਨੂੰ ਬੇਦਖ਼ਲ ਕਰਦੇ ਹਾਂ।
ਮੈਂ ਰਾਜੇਸ਼ ਕੁਮਾਰ ਪੁੱਤਰ ਵਿਹਾਰ ਆਪਣ ਵਾਸੀ ਮਕਾਨ ਨੰਬਰ 92, ਗਲੀ ਨੰਬਰ 5, ਰਾਮ ਨਗਰ ਲੁਧਿਆਣਾ ਆਪਣੇ ਲੜਕੇ ਨੂੰ ਬੇਦਖ਼ਲ ਕਰਦਾ ਹਾਂ।
ਮੈਂ ਕਰਮਜੀਤ ਕੌਰ ਪਤਨੀ ਜੰਗ ਸਿੰਘ ਵਾਸੀ ਪਿੰਡ ਸਰਾਵਾ ਲੁਧਿਆਣਾ ਆਪਣੇ ਪੁੱਤਰ ਨੂੰ ਆਪਣੀ ਜਾਇਦਾਦ ਤੋਂ ਬੇਦਖ਼ਲ ਕਰਦੀ ਹਾਂ।
ਮੈਂ ਬਿੰਦਰ ਕੌਰ ਪਤਨੀ ਨੱਥਾ ਸਿੰਘ ਵਾਸੀ ਮਕਾਨ ਨੰਬਰ 2490 ਗਲੀ ਨੰਬਰ 12 ਆਪਣੇ ਪੁੱਤਰ ਨੂੰ ਆਪਣੀ ਚੱਲ ਅਚੱਲ ਜਾਇਦਾਦ ਤੋਂ ਬੇਦਖ਼ਲ ਕਰਦੀ ਹਾਂ।
ਮੈਂ ਗੁਰਮੀਤ ਸਿੰਘ ਪੁੱਤਰ ਬੰਤਾ ਸਿੰਘ ਵਾਸੀ ਪਿੰਡ ਪਾਤੜਾਂ ਆਪਣੇ ਪੁੱਤਰ ਨੂੰ ਉਸਦੇ ਮਾੜੇ ਵਿਵਹਾਰ ਕਾਰਨ ਬੇਦਖ਼ਲ ਕਰਦਾ ਹਾਂ।
ਮੈਂ ਜਰਨੈਲ ਸਿੰਘ ਪੁੱਤਰ ਇੰਦਰ ਸਿੰਘ ਵਾਸੀ ਪਿੰਡ ਬਰਨਾਲਾ ਆਪਣੇ ਪੁੱਤਰ ਅਤੇ ਨੂੰਹ ਨੂੰ ਆਪਣੀ ਜਾਇਦਾਦ ਤੋਂ ਬੇਦਖ਼ਲ ਕਰਦਾ ਹਾਂ।
ਮੈਂ ਪਰਮਜੀਤ ਕੌਰ ਪਤਨੀ ਮਹਿੰਦਰ ਸਿੰਘ ਵਾਸੀ ਪਿੰਡ ਸਿਉਰਾ ਆਪਣੇ ਪੁੱਤਰ ਨੂੰ ਬੇਦਖ਼ਲ ਕਰਦੀ ਹਾਂ।
ਮੈਂ ਕੁਲਵੰਤ ਸਿੰਘ ਪੁੱਤਰ ਸੁਰਜੀਤ ਸਿੰਘ ਵਾਸੀ ਮਕਾਨ ਨੰਬਰ 3, ਰਾਜਪੁਰਾ ਆਪਣੇ ਲੜਕੇ ਨੂੰ ਬੇਦਖ਼ਲ ਕਰਦਾ ਹਾਂ।
ਮੈਂ ਸੁਖਵਿੰਦਰ ਕੌਰ ਪਤਨੀ ਹਰਜੀਤ ਸਿੰਘ ਵਾਸੀ ਬੀ-9 ਆਪਣੇ ਪੁੱਤਰ ਨੂੰ ਬੇਦਖ਼ਲ ਕਰਦੀ ਹਾਂ।
ਮੈਂ ਗੁਰਮੇਲ ਸਿੰਘ ਪੁੱਤਰ ਬਚਨ ਸਿੰਘ ਵਾਸੀ ਪਿੰਡ ਸੰਗਰੂਰ ਆਪਣੇ ਲੜਕੇ ਨੂੰ ਬੇਦਖ਼ਲ ਕਰਦਾ ਹਾਂ।
ਮੈਂ ਪ੍ਰੀਤੀ ਪਤਨੀ ਅਨਿਲ ਕੁਮਾਰ ਵਾਸੀ ਮਕਾਨ ਨੰਬਰ 330 ਲੁਧਿਆਣਾ ਆਪਣੇ ਪੁੱਤਰ ਨੂੰ ਬੇਦਖ਼ਲ ਕਰਦੀ ਹਾਂ।
ਮੈਂ ਸੁਖਦੇਵ ਸਿੰਘ ਪੁੱਤਰ ਰਣਜੀਤ ਸਿੰਘ ਵਾਸੀ ਮਕਾਨ ਨੰਬਰ 1893 ਵਾਰਡ ਨੰਬਰ 4 ਆਪਣੇ ਲੜਕੇ ਨੂੰ ਬੇਦਖ਼ਲ ਕਰਦਾ ਹਾਂ।
ਮੈਂ ਸੰਤੋਖ ਸਿੰਘ ਪੁੱਤਰ ਮਲਕੀਤ ਸਿੰਘ ਵਾਸੀ ਨਿਊ ਕਲੋਨੀ ਆਪਣੇ ਪੁੱਤਰ ਨੂੰ ਬੇਦਖ਼ਲ ਕਰਦਾ ਹਾਂ।
ਮੈਂ ਹਰਜਿੰਦਰ ਸਿੰਘ ਪੁੱਤਰ ਕਸ਼ਮੀਰ ਸਿੰਘ ਵਾਸੀ ਮਕਾਨ ਨੰਬਰ 15 ਗਲੀ ਨੰਬਰ 22 ਆਪਣੇ ਪੁੱਤਰ ਨੂੰ ਬੇਦਖ਼ਲ ਕਰਦਾ ਹਾਂ।
ਅਸੀਂ, ਨਵਿਤਾ ਕੁਮਾਰ ਪੁੱਤਰ ਹਰਜੀਤ ਕੁਮਾਰ ਵਾਸੀ ਮਕਾਨ ਨੰ: 32/299, ਚੁੰਗੀ ਲੁਧਿਆਣਾ ਆਪਣੇ ਪੁੱਤਰ ਨੂੰ ਬੇਦਖ਼ਲ ਕਰਦੇ ਹਾਂ।

Public Notice

ਸੂਚਨਾ: ਕਿ ਅਸੀਂ ਤੋਂ ਕਰਜ਼ਾ ਲੈਣ ਵਾਲੇ ਵਿਅਕਤੀ AU Small Finance Bank Ltd.
ਖਾਤਾ ਨੰਬਰ: 9001060143160131
ਮਿਤੀ: 27-08-2024 ਤੇ 12-2023
ਨੋਟਿਸ ਦਾ ਜਵਾਬ ਨਾ ਦੇਣ ਦੀ ਸੂਰਤ ਵਿੱਚ ਬੈਂਕ ਕਾਰਵਾਈ ਕਰੇਗਾ।
ਫੋਨ: 98887-82681

Email: mcpattieo@yahoo.in

OFFICE OF THE MUNICIPAL COUNCIL PATTI DISTT. TARN TARAN

ਮਿਤੀ: 01-10-2024

ਆਮ ਸੂਚਨਾ: ਇਸ ਦਫ਼ਤਰ ਨੂੰ ਸ੍ਰੀ ਜਸਪਾਲ ਸਿੰਘ ਪੁੱਤਰ ਸ੍ਰੀ ਹਰਭਜਨ ਸਿੰਘ ਵਾਸੀ ਵਾਰਡ ਨੰ: 14 ਵੱਲੋਂ ਜਨਮ ਸਰਟੀਫਿਕੇਟ ਵਿੱਚ ਨਾਮ ਦਰਜ ਕਰਵਾਉਣ ਸਬੰਧੀ ਅਰਜ਼ੀ ਪ੍ਰਾਪਤ ਹੋਈ ਹੈ। ਜੇਕਰ ਕਿਸੇ ਨੂੰ ਕੋਈ ਇਤਰਾਜ਼ ਹੋਵੇ ਤਾਂ ਉਹ 30 ਦਿਨਾਂ ਦੇ ਅੰਦਰ ਦਫ਼ਤਰ ਨਗਰ ਕੌਂਸਲ ਪੱਟੀ ਵਿਖੇ ਲਿਖਤੀ ਰੂਪ ਵਿੱਚ ਦੇ ਸਕਦਾ ਹੈ।

ਕਾਰਜ ਸਾਧਕ ਅਫ਼ਸਰ, ਨਗਰ ਕੌਂਸਲ ਪੱਟੀ

ਨਾਂ ਬਦਲੀ
I, Jasmeet Kaur Rehal alias Jaswinder Kaur Hunjan w/o Kuldeep Singh Rehal R/o H No 7820 Street No 11 New Janta Nagar Ludhiana Changed My name as Jasmeet Kaur Rehal.
I, Sapna Rani w/o Vikas Kumar R/o H. No. 1932/10 Street No 14, Gandhi Nagar Ludhiana Changed My name as Sapna.
ਬੇਦਖ਼ਲੀ ਰੱਦ
ਮੈਂ, ਗੁਨੀਤਾ ਪਤਨੀ ਸੁਭਾਸ਼ ਵਾਸੀ ਮਕਾਨ ਨੰਬਰ 1089 ਗਲੀ ਨੰਬਰ 5, ਸਮਰਾਲਾ ਰੋਡ ਤਾਜਪੁਰ ਲੁਧਿਆਣਾ ਨੇ ਆਪਣੇ ਲੜਕੇ ਨੂੰ ਜੋ ਬੇਦਖ਼ਲ ਕੀਤਾ ਸੀ ਉਹ ਬੇਦਖ਼ਲੀ ਰੱਦ ਕਰਦੀ ਹਾਂ। ਹੁਣ ਉਹ ਮੇਰੀ ਜਾਇਦਾਦ ਦਾ ਪੂਰਾ ਹੱਕਦਾਰ ਹੋਵੇਗਾ।
ਮੈਂ, ਗੁਨੀਤਾ ਪਤਨੀ ਸੁਭਾਸ਼ ਵਾਸੀ ਮਕਾਨ ਨੰਬਰ 1089 ਗਲੀ ਨੰਬਰ 5, ਸਮਰਾਲਾ ਰੋਡ ਤਾਜਪੁਰ ਲੁਧਿਆਣਾ ਆਪਣੀ ਨੂੰਹ ਦੀ ਬੇਦਖ਼ਲੀ ਰੱਦ ਕਰਦੀ ਹਾਂ।
ਆਮ ਸੂਚਨਾ
ਮੈਂ ਇੰਦਰ ਕੁਮਾਰੀ ਪਤਨੀ ਸਵ: ਲੇਟ ਇੰਦਰ ਕਲੋਨੀ ਪਿੰਡ: ਦੀਪਕ ਨਗਰ ਨੇ ਆਪਣਾ ਪਾਸਪੋਰਟ ਗੁਆਚ ਜਾਣ ਬਾਰੇ ਸੂਚਿਤ ਕੀਤਾ ਹੈ। ਜੇਕਰ ਕਿਸੇ ਨੂੰ ਮਿਲੇ ਤਾਂ ਵਾਪਸ ਕੀਤਾ ਜਾਵੇ।
ਮੈਂ ਜਸਵਿੰਦਰ ਕੌਰ ਪਤਨੀ ਹਰਜੀਤ ਸਿੰਘ ਵਾਸੀ ਪਿੰਡ: ਸੇਰਗਾਨੀ ਕੋਟ (ਮਾਲੇਰਕੋਟਲਾ) ਨੇ ਆਪਣਾ ਨਾਮ ਜਸਵਿੰਦਰ ਕੌਰ ਤੋਂ ਬਦਲ ਕੇ ਜਸਵਿੰਦਰ ਕੌਰ ਰੱਖ ਲਿਆ ਹੈ। ਮੇਰੀ ਜਨਮ ਮਿਤੀ 01-01-1970 ਤੋਂ ਬਦਲ ਕੇ 01-01-1950 ਕਰ ਲਈ ਹੈ।
ਮੈਂ ਗੁਰਪ੍ਰੀਤ ਸਿੰਘ ਪੁੱਤਰ ਜਗਸੀਰ ਸਿੰਘ ਵਾਸੀ ਪਿੰਡ ਬਠਿੰਡਾ ਨੇ ਆਪਣਾ ਨਾਮ ਬਦਲ ਲਿਆ ਹੈ। ਮੇਰਾ ਬੇਟਾ ਗੁਰਸ਼ਰਨ ਸਿੰਘ ਅਤੇ ਬੇਟੀ ਹਰਪ੍ਰੀਤ ਕੌਰ ਦੇ ਨਾਮ ਵਿੱਚ ਵੀ ਬਦਲਾਅ ਕੀਤਾ ਗਿਆ ਹੈ।
I, Anil Upadhyay s/o Ravinder Narayan R/o MIG 415, Urban Estate Duqri Phase 3 Ludhiana declare that I am owner of Indo Overseas Medical System and applying DOMS to J. & K. If anybody have any objection please contact email indoomes@yahoo.co.in within 7 days. 7171
ਮੋਟਰ ਕੁਨੈਕਸ਼ਨ...
7.5 ਬੀ.ਐਚ.ਪੀ ਟਿਊਬਵੈਲ ਕੁਨੈਕਸ਼ਨ ਜਿਸਦਾ ਖਾਤਾ ਨੰ: ਏ.ਪੀ 19/0595 ਹੈ ਵਿਰਾਸਤ ਵਿੱਚ ਮੇਰੇ ਪਿਤਾ ਜੀ ਦੇ ਨਾਮ ਤੇ ਚੱਲ ਰਿਹਾ ਹੈ, ਜੋ ਮੈਂ ਆਪਣੇ ਨਾਮ ਤਬਦੀਲ ਕਰਵਾਉਣਾ ਚਾਹੁੰਦਾ ਹਾਂ। ਕਿਸੇ ਨੂੰ ਕੋਈ ਇਤਰਾਜ਼ ਹੋਵੇ ਤਾਂ ਸੰਪਰਕ ਕਰ ਸਕਦਾ ਹੈ।
ਉਪਰੋਕਤ ਵਿਸ਼ੇ ਅਧੀਨ ਆਪ ਜੀ ਨੂੰ ਲਿਖਿਆ ਜਾਂਦਾ ਹੈ ਕਿ ਖਾਤਾ ਨੰ:AP 20/247 ਜੋ ਕਿ ਹਰਚਰਨ ਸਿੰਘ ਪੁੱਤਰ ਸੋਹਣ ਸਿੰਘ ਦੇ ਨਾਮ ਉੱਪਰ ਚੱਲ ਰਿਹਾ ਹੈ। ਕਿਸੇ ਨੂੰ ਕੋਈ ਇਤਰਾਜ਼ ਹੋਵੇ ਤਾਂ 15 ਦਿਨਾਂ ਦੇ ਅੰਦਰ ਸੰਪਰਕ ਕਰੇ। PSPCL ਦਫ਼ਤਰ ਵਿੱਚ ਲਿਖਤ ਕਰ ਸਕਦਾ ਹੈ।
ਬੇਦਖ਼ਲੀ
ਮੈਂ ਗੁਰਮੇਲ ਸਿੰਘ ਪੁੱਤਰ ਕਰਤਾਰ ਸਿੰਘ ਵਾਸੀ ਹਲਕਾ ਰਾਏਕੋਟ ਆਪਣੇ ਲੜਕੇ ਅਤੇ ਉਸਦੀ ਪਤਨੀ ਨੂੰ ਉਹਨਾਂ ਦੇ ਮਾੜੇ ਵਿਵਹਾਰ ਕਾਰਨ ਆਪਣੀ ਚੱਲ ਅਚੱਲ ਜਾਇਦਾਦ ਤੋਂ ਬੇਦਖ਼ਲ ਕਰਦਾ ਹਾਂ।
ਮੈਂ ਬਲਜੀਤ ਕੌਰ ਪਤਨੀ ਗੁਰਦੀਪ ਸਿੰਘ ਵਾਸੀ ਪਿੰਡ ਸ਼ਾਹਪੁਰ ਆਪਣੇ ਪੁੱਤਰ ਨੂੰ ਬੇਦਖ਼ਲ ਕਰਦੀ ਹਾਂ।
ਮੈਂ ਅਸ਼ੀਸ਼ ਕੁਮਾਰ ਪੁੱਤਰ ਰਾਜ ਕੁਮਾਰ ਵਾਸੀ ਮਕਾਨ ਨੰ 03568, ਗਲੀ ਨੰ 12 ਲੁਧਿਆਣਾ ਆਪਣੇ ਲੜਕੇ ਨੂੰ ਉਸਦੇ ਮਾੜੇ ਵਿਵਹਾਰ ਕਾਰਨ ਬੇਦਖ਼ਲ ਕਰਦਾ ਹਾਂ।
ਮੈਂ ਸੁਖਵਿੰਦਰ ਸਿੰਘ ਪੁੱਤਰ ਲਖਵਿੰਦਰ ਸਿੰਘ ਵਾਸੀ ਮਕਾਨ ਨੰ -20, ਗਲੀ ਨੰਬਰ -8, ਬਹਾਦਰ ਕੇ ਰੋਡ, ਲੁਧਿਆਣਾ ਆਪਣੇ ਲੜਕੇ ਨੂੰ ਬੇਦਖ਼ਲ ਕਰਦਾ ਹਾਂ।
ਇਸ਼ਤਿਹਾਰਾਂ ਸਬੰਧੀ ਜ਼ਰੂਰੀ ਬੇਨਤੀ
'ਅਦਾਰਾ ਹੱਕ ਸੱਚ ਦਾ ਪਹਿਰੇਦਾਰ' ਅਖ਼ਬਾਰ ਵਿੱਚ ਛਪੇ ਕਿਸਮਤੀ ਇਸ਼ਤਿਹਾਰਾਂ ਦੀ ਸੱਚਾਈ ਦੀ ਜ਼ਿੰਮੇਵਾਰੀ ਇਸ਼ਤਿਹਾਰ ਦੇਣ ਵਾਲੇ ਦੀ ਹੋਵੇਗੀ। ਅਦਾਰਾ ਕਿਸੇ ਵੀ ਤਰ੍ਹਾਂ ਦੇ ਇਸ਼ਤਿਹਾਰਾਂ ਵਿੱਚ ਦਿੱਤੀ ਜਾਣਕਾਰੀ ਲਈ ਜ਼ਿੰਮੇਵਾਰ ਨਹੀਂ ਹੋਵੇਗਾ। ਪਾਠਕਾਂ ਨੂੰ ਬੇਨਤੀ ਹੈ ਕਿ ਕਿਸੇ ਵੀ ਇਸ਼ਤਿਹਾਰ ਉੱਤੇ ਕਾਰਵਾਈ ਕਰਨ ਤੋਂ ਪਹਿਲਾਂ ਉਸਦੀ ਪੜਤਾਲ ਕਰ ਲੈਣ। — ਮੈਨੇਜਰ
ਇਸ਼ਤਿਹਾਰ ਅਤੇ ਕਲਾਸੀਫਾਈਡ ਕੇਵਲ ਅਦਾਰਾ 'ਪਹਿਰੇਦਾਰ' ਦੀ ਈ-ਮੇਲ rozanapehredaradvt@gmail.com 'ਤੇ ਹੀ ਭੇਜੇ ਜਾਣ।
